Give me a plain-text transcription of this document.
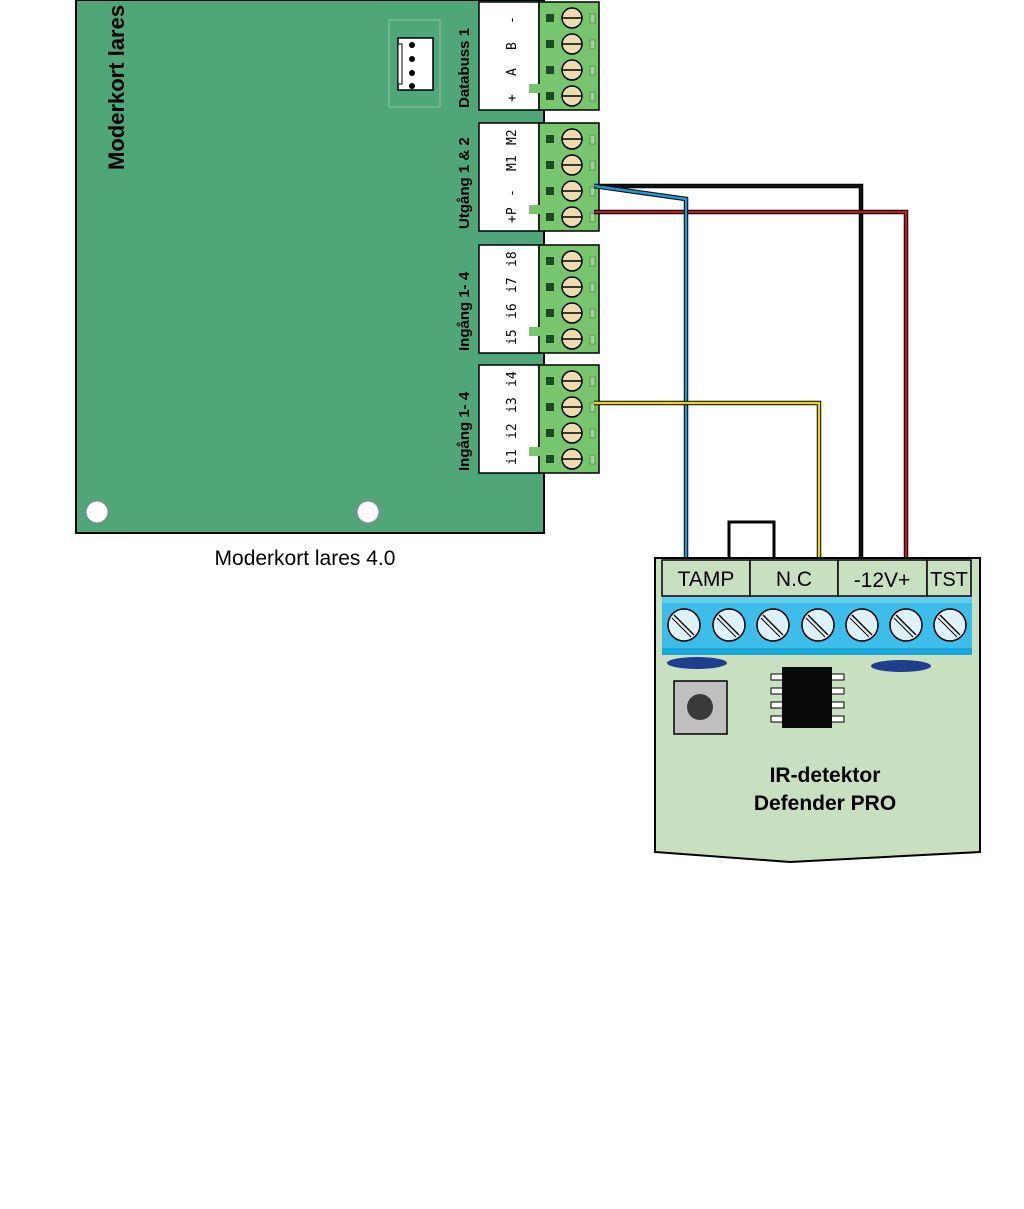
Moderkort lares
Moderkort lares 4.0
Databuss 1 +
A
B
-
Utgång 1 & 2 +P
-
M1
M2
Ingång 1- 4 i5
i6
i7
i8
Ingång 1- 4 i1
i2
i3
i4
TAMP N.C -12V+ TST
IR-detektor
Defender PRO
